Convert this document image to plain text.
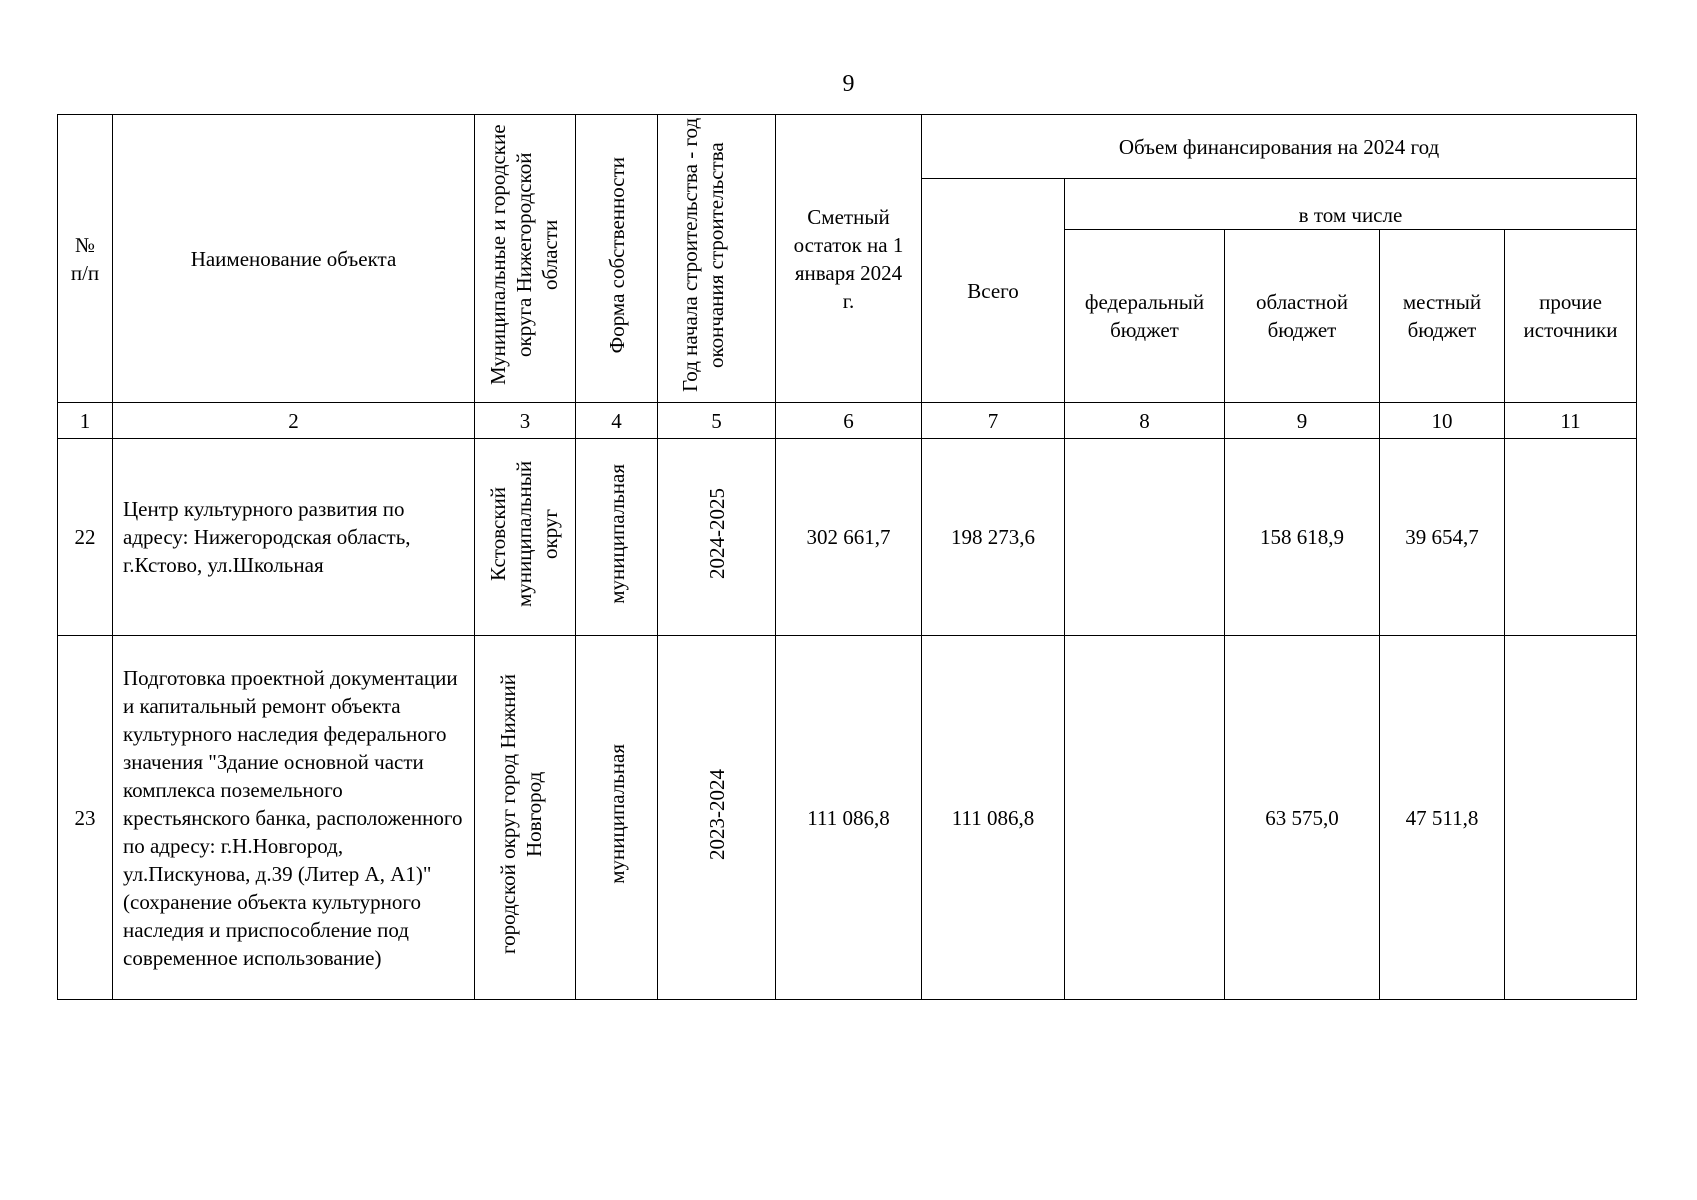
9
№ п/п	Наименование объекта	Муниципальные и городские округа Нижегородской области	Форма собственности	Год начала строительства - год окончания строительства	Сметный остаток на 1 января 2024 г.	Объем финансирования на 2024 год				
						Всего	в том числе			
							федеральный бюджет	областной бюджет	местный бюджет	прочие источники
1	2	3	4	5	6	7	8	9	10	11
22	Центр культурного развития по адресу: Нижегородская область, г.Кстово, ул.Школьная	Кстовский муниципальный округ	муниципальная	2024-2025	302 661,7	198 273,6		158 618,9	39 654,7	
23	Подготовка проектной документации и капитальный ремонт объекта культурного наследия федерального значения "Здание основной части комплекса поземельного крестьянского банка, расположенного по адресу: г.Н.Новгород, ул.Пискунова, д.39 (Литер А, А1)" (сохранение объекта культурного наследия и приспособление под современное использование)	городской округ город Нижний Новгород	муниципальная	2023-2024	111 086,8	111 086,8		63 575,0	47 511,8	
